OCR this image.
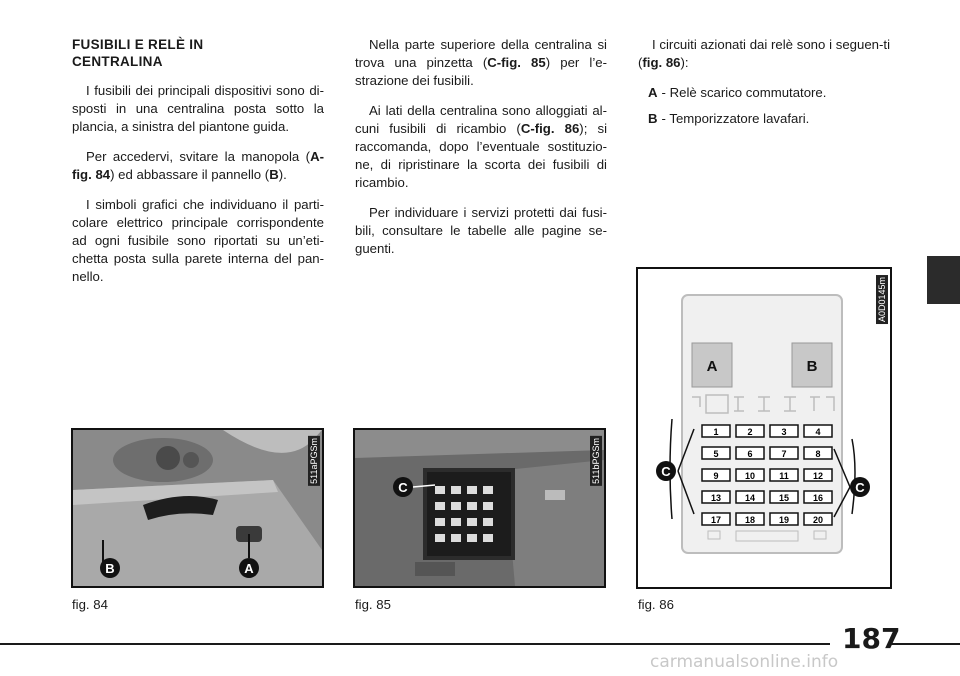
FUSIBILI E RELÈ IN
CENTRALINA

I fusibili dei principali dispositivi sono di-sposti in una centralina posta sotto la plancia, a sinistra del piantone guida.

Per accedervi, svitare la manopola (A-fig. 84) ed abbassare il pannello (B).

I simboli grafici che individuano il parti-colare elettrico principale corrispondente ad ogni fusibile sono riportati su un’eti-chetta posta sulla parete interna del pan-nello.

Nella parte superiore della centralina si trova una pinzetta (C-fig. 85) per l’e-strazione dei fusibili.

Ai lati della centralina sono alloggiati al-cuni fusibili di ricambio (C-fig. 86); si raccomanda, dopo l’eventuale sostituzio-ne, di ripristinare la scorta dei fusibili di ricambio.

Per individuare i servizi protetti dai fusi-bili, consultare le tabelle alle pagine se-guenti.

I circuiti azionati dai relè sono i seguen-ti (fig. 86):

A - Relè scarico commutatore.
B - Temporizzatore lavafari.
B	A
511aPGSm
fig. 84
C
511bPGSm
fig. 85
A	B
1	2	3	4
5	6	7	8
9	10	11	12
13	14	15	16
17	18	19	20
C
C
A0D0145m
fig. 86
187
carmanualsonline.info
